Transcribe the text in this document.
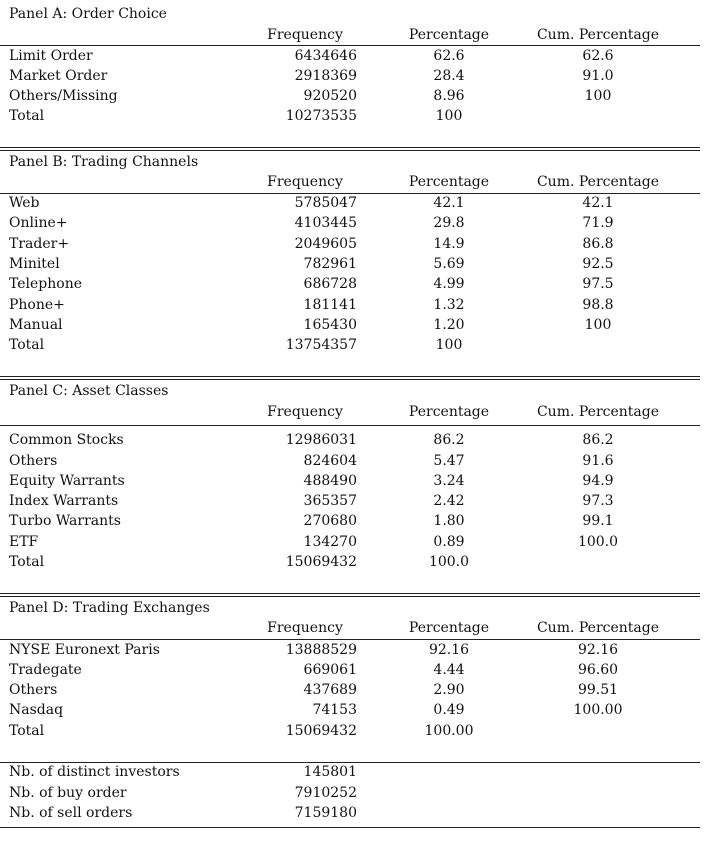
Panel A: Order Choice
Frequency	Percentage	Cum. Percentage
Limit Order	6434646	62.6	62.6
Market Order	2918369	28.4	91.0
Others/Missing	920520	8.96	100
Total	10273535	100
Panel B: Trading Channels
Frequency	Percentage	Cum. Percentage
Web	5785047	42.1	42.1
Online+	4103445	29.8	71.9
Trader+	2049605	14.9	86.8
Minitel	782961	5.69	92.5
Telephone	686728	4.99	97.5
Phone+	181141	1.32	98.8
Manual	165430	1.20	100
Total	13754357	100
Panel C: Asset Classes
Frequency	Percentage	Cum. Percentage
Common Stocks	12986031	86.2	86.2
Others	824604	5.47	91.6
Equity Warrants	488490	3.24	94.9
Index Warrants	365357	2.42	97.3
Turbo Warrants	270680	1.80	99.1
ETF	134270	0.89	100.0
Total	15069432	100.0
Panel D: Trading Exchanges
Frequency	Percentage	Cum. Percentage
NYSE Euronext Paris	13888529	92.16	92.16
Tradegate	669061	4.44	96.60
Others	437689	2.90	99.51
Nasdaq	74153	0.49	100.00
Total	15069432	100.00
Nb. of distinct investors	145801
Nb. of buy order	7910252
Nb. of sell orders	7159180
